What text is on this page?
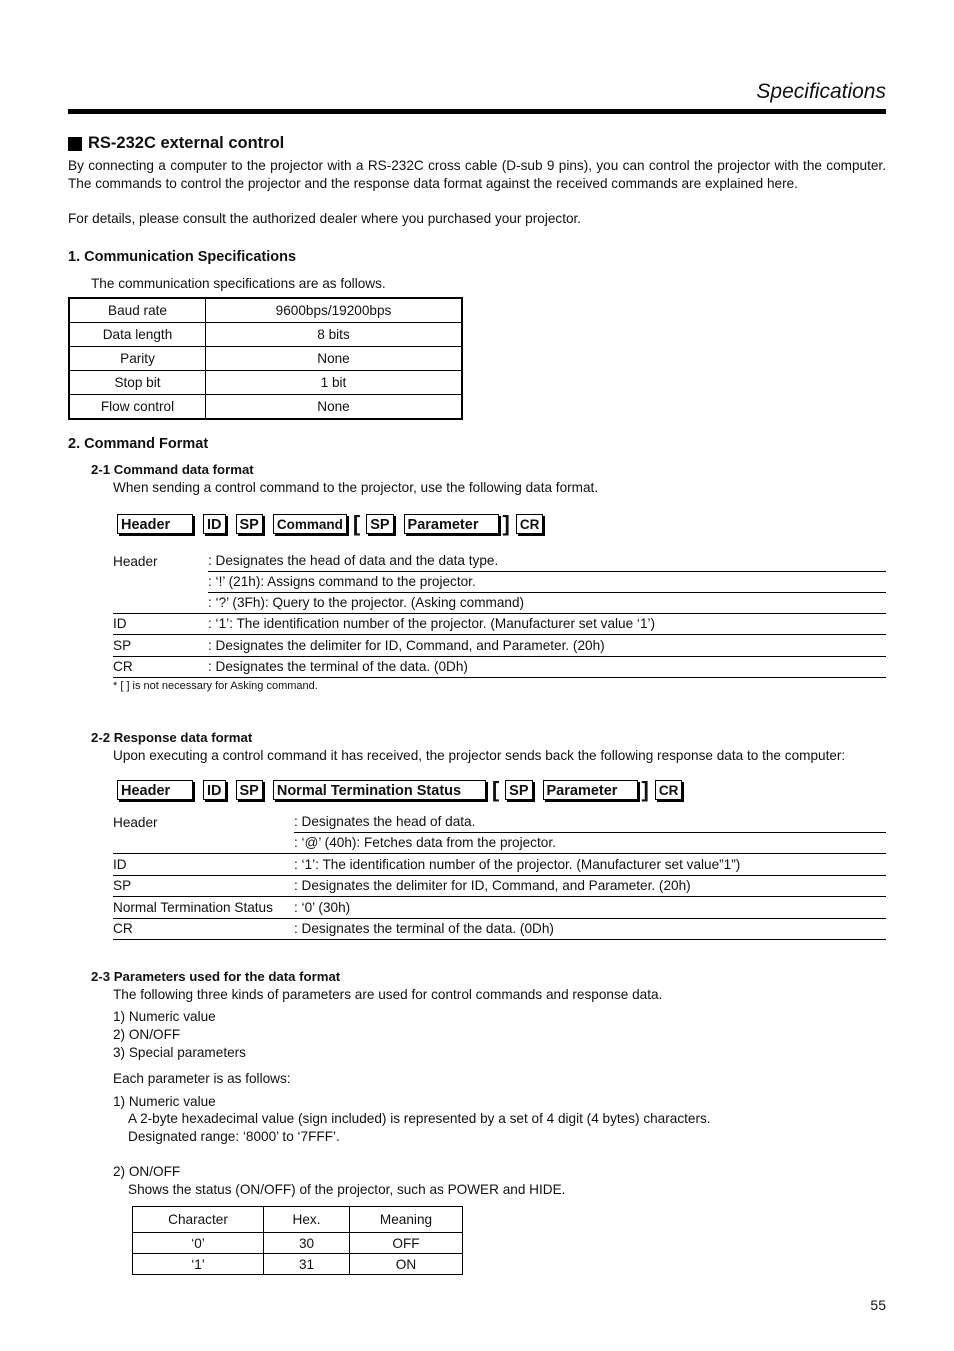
Specifications
RS-232C external control
By connecting a computer to the projector with a RS-232C cross cable (D-sub 9 pins), you can control the projector with the computer. The commands to control the projector and the response data format against the received commands are explained here.
For details, please consult the authorized dealer where you purchased your projector.
1. Communication Specifications
The communication specifications are as follows.
Baud rate	9600bps/19200bps
Data length	8 bits
Parity	None
Stop bit	1 bit
Flow control	None
2. Command Format
2-1 Command data format
When sending a control command to the projector, use the following data format.
Header	ID SP Command [ SP Parameter	] CR
Header	: Designates the head of data and the data type.
: ‘!’ (21h): Assigns command to the projector.
: ‘?’ (3Fh): Query to the projector. (Asking command)
ID	: ‘1’: The identification number of the projector. (Manufacturer set value ‘1’)
SP	: Designates the delimiter for ID, Command, and Parameter. (20h)
CR	: Designates the terminal of the data. (0Dh)
* [ ] is not necessary for Asking command.
2-2 Response data format
Upon executing a control command it has received, the projector sends back the following response data to the computer:
Header	ID SP Normal Termination Status	[ SP Parameter	] CR
Header	: Designates the head of data.
: ‘@’ (40h): Fetches data from the projector.
ID	: ‘1’: The identification number of the projector. (Manufacturer set value”1”)
SP	: Designates the delimiter for ID, Command, and Parameter. (20h)
Normal Termination Status	: ‘0’ (30h)
CR	: Designates the terminal of the data. (0Dh)
2-3 Parameters used for the data format
The following three kinds of parameters are used for control commands and response data.
1) Numeric value
2) ON/OFF
3) Special parameters
Each parameter is as follows:
1) Numeric value
A 2-byte hexadecimal value (sign included) is represented by a set of 4 digit (4 bytes) characters.
Designated range: ‘8000’ to ‘7FFF’.
2) ON/OFF
Shows the status (ON/OFF) of the projector, such as POWER and HIDE.
Character	Hex.	Meaning
‘0’	30	OFF
‘1’	31	ON
55
